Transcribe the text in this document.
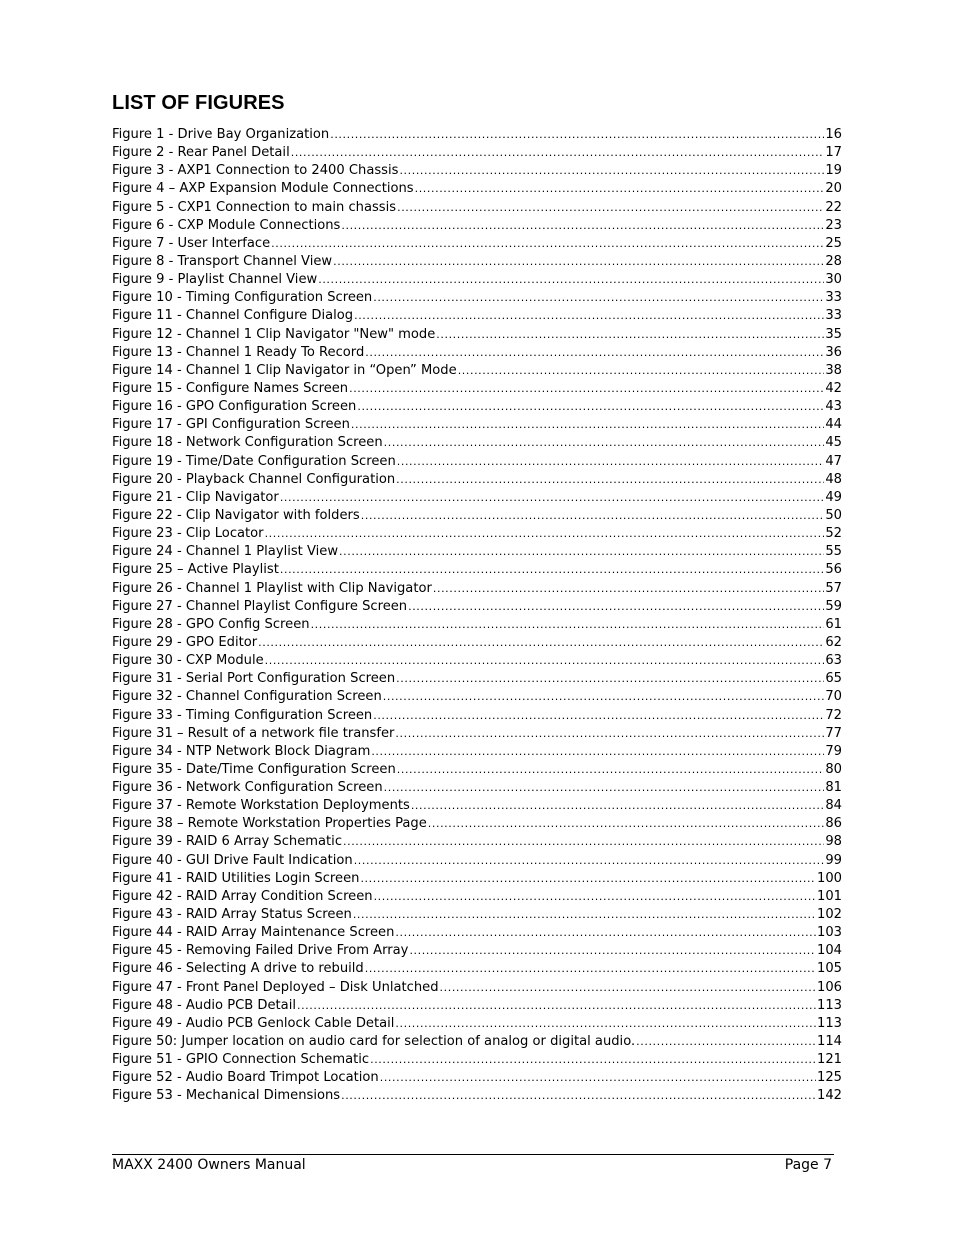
LIST OF FIGURES
Figure 1 - Drive Bay Organization .....	16
Figure 2 - Rear Panel Detail .....	17
Figure 3 - AXP1 Connection to 2400 Chassis .....	19
Figure 4 – AXP Expansion Module Connections .....	20
Figure 5 - CXP1 Connection to main chassis .....	22
Figure 6 - CXP Module Connections .....	23
Figure 7 - User Interface .....	25
Figure 8 - Transport Channel View .....	28
Figure 9 - Playlist Channel View .....	30
Figure 10 - Timing Configuration Screen .....	33
Figure 11 - Channel Configure Dialog .....	33
Figure 12 - Channel 1 Clip Navigator "New" mode .....	35
Figure 13 - Channel 1 Ready To Record .....	36
Figure 14 - Channel 1 Clip Navigator in “Open” Mode .....	38
Figure 15 - Configure Names Screen .....	42
Figure 16 - GPO Configuration Screen .....	43
Figure 17 - GPI Configuration Screen .....	44
Figure 18 - Network Configuration Screen .....	45
Figure 19 - Time/Date Configuration Screen .....	47
Figure 20 - Playback Channel Configuration .....	48
Figure 21 - Clip Navigator .....	49
Figure 22 - Clip Navigator with folders .....	50
Figure 23 - Clip Locator .....	52
Figure 24 - Channel 1 Playlist View .....	55
Figure 25 – Active Playlist .....	56
Figure 26 - Channel 1 Playlist with Clip Navigator .....	57
Figure 27 - Channel Playlist Configure Screen .....	59
Figure 28 - GPO Config Screen .....	61
Figure 29 - GPO Editor .....	62
Figure 30 - CXP Module .....	63
Figure 31 - Serial Port Configuration Screen .....	65
Figure 32 - Channel Configuration Screen .....	70
Figure 33 - Timing Configuration Screen .....	72
Figure 31 – Result of a network file transfer .....	77
Figure 34 - NTP Network Block Diagram .....	79
Figure 35 - Date/Time Configuration Screen .....	80
Figure 36 - Network Configuration Screen .....	81
Figure 37 - Remote Workstation Deployments .....	84
Figure 38 – Remote Workstation Properties Page .....	86
Figure 39 - RAID 6 Array Schematic .....	98
Figure 40 - GUI Drive Fault Indication .....	99
Figure 41 - RAID Utilities Login Screen .....	100
Figure 42 - RAID Array Condition Screen .....	101
Figure 43 - RAID Array Status Screen .....	102
Figure 44 - RAID Array Maintenance Screen .....	103
Figure 45 - Removing Failed Drive From Array .....	104
Figure 46 - Selecting A drive to rebuild .....	105
Figure 47 - Front Panel Deployed – Disk Unlatched .....	106
Figure 48 - Audio PCB Detail .....	113
Figure 49 - Audio PCB Genlock Cable Detail .....	113
Figure 50: Jumper location on audio card for selection of analog or digital audio. .....	114
Figure 51 - GPIO Connection Schematic .....	121
Figure 52 - Audio Board Trimpot Location .....	125
Figure 53 - Mechanical Dimensions .....	142
MAXX 2400 Owners Manual	Page 7
